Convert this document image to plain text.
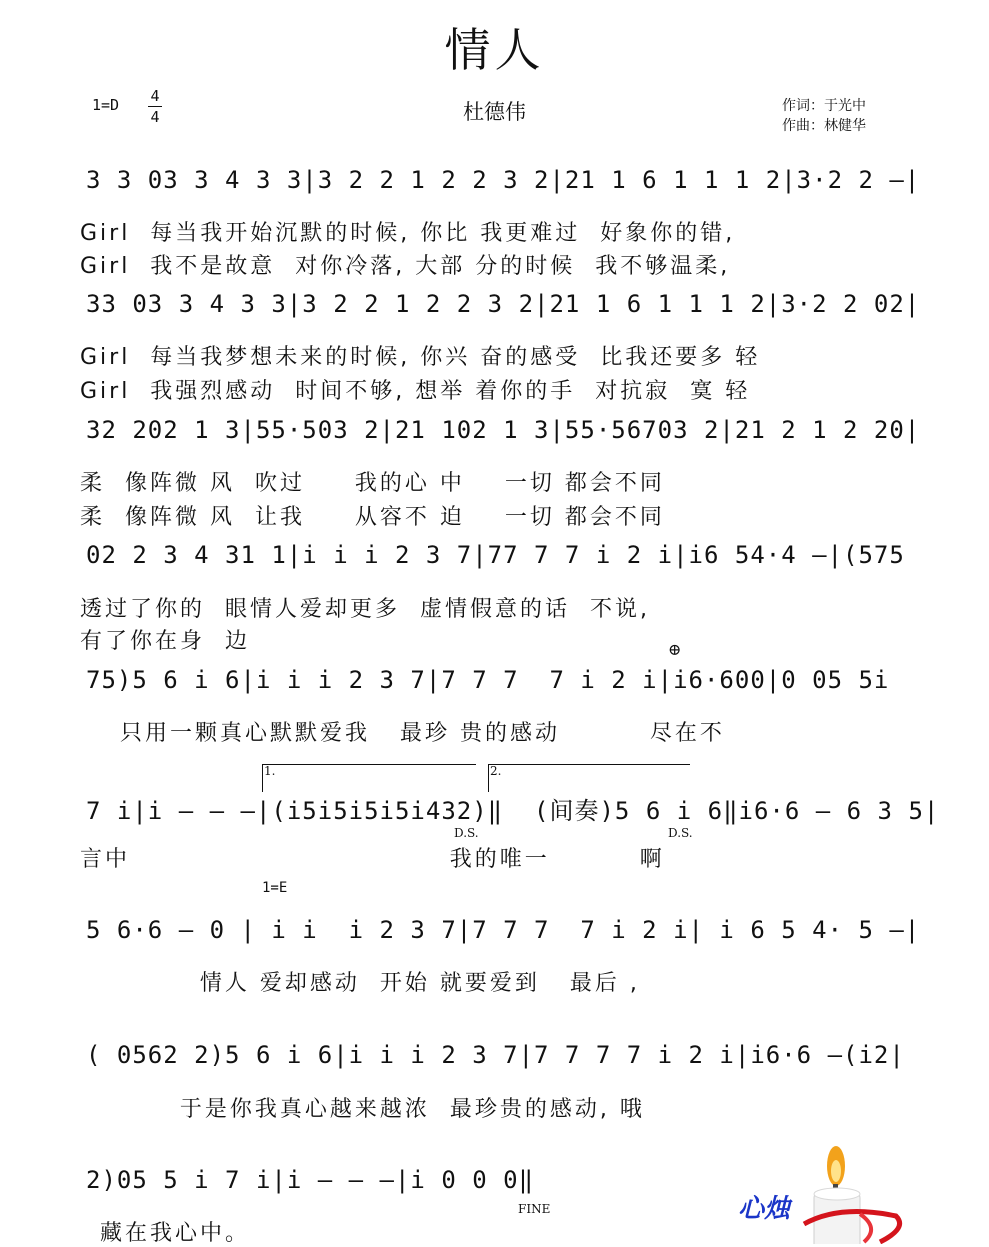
情人
1=D 4
4	杜德伟	作词：于光中
作曲：林健华
3 3 03 3 4 3 3|3 2 2 1 2 2 3 2|21 1 6 1 1 1 2|3·2 2 —|
Girl  每当我开始沉默的时候, 你比 我更难过  好象你的错,
Girl  我不是故意  对你冷落, 大部 分的时候  我不够温柔,
33 03 3 4 3 3|3 2 2 1 2 2 3 2|21 1 6 1 1 1 2|3·2 2 02|
Girl  每当我梦想未来的时候, 你兴 奋的感受  比我还要多 轻
Girl  我强烈感动  时间不够, 想举 着你的手  对抗寂  寞 轻
32 202 1 3|55·503 2|21 102 1 3|55·56703 2|21 2 1 2 20|
柔  像阵微 风  吹过     我的心 中    一切 都会不同
柔  像阵微 风  让我     从容不 迫    一切 都会不同
02 2 3 4 31 1|i i i 2 3 7|77 7 7 i 2 i|i6 54·4 —|(575
透过了你的  眼情人爱却更多  虚情假意的话  不说,
有了你在身  边	⊕
75)5 6 i 6|i i i 2 3 7|7 7 7  7 i 2 i|i6·600|0 05 5i
只用一颗真心默默爱我   最珍 贵的感动         尽在不
1.	2.
7 i|i — — —|(i5i5i5i5i432)‖  (间奏)5 6 i 6‖i6·6 — 6 3 5|
D.S.	D.S.
言中                                我的唯一         啊
1=E
5 6·6 — 0 | i i  i 2 3 7|7 7 7  7 i 2 i| i 6 5 4· 5 —|
情人 爱却感动  开始 就要爱到   最后 ,
( 0562 2)5 6 i 6|i i i 2 3 7|7 7 7 7 i 2 i|i6·6 —(i2|
于是你我真心越来越浓  最珍贵的感动, 哦
2)05 5 i 7 i|i — — —|i 0 0 0‖
FINE
藏在我心中。
心烛
